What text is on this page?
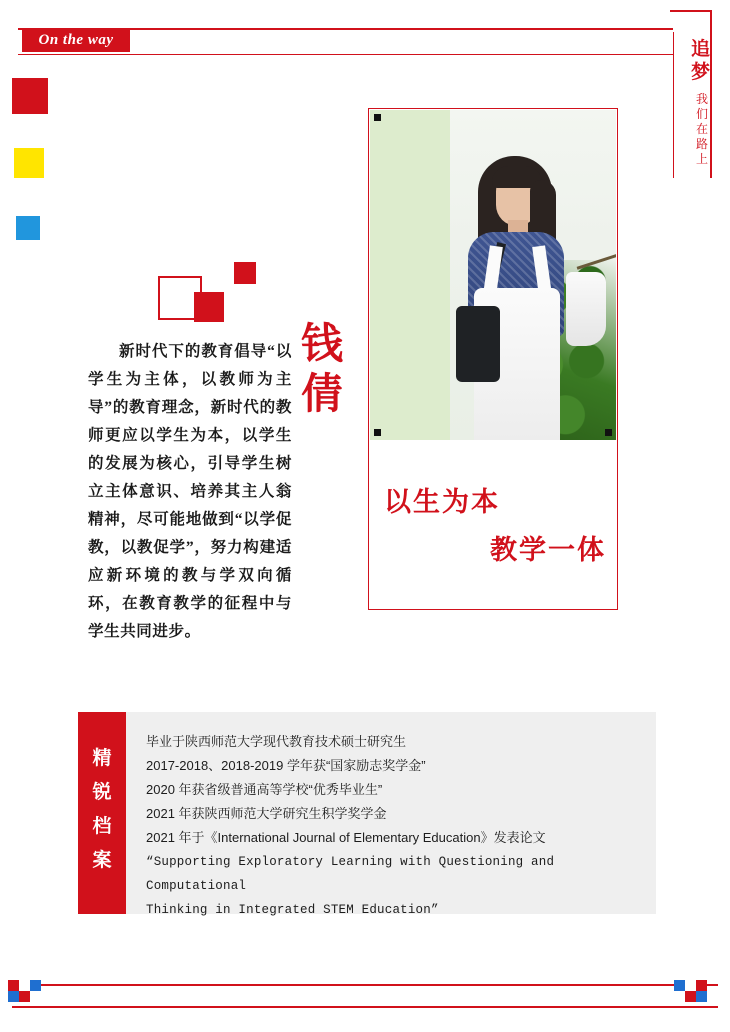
On the way	追梦
我们在路上
钱倩
新时代下的教育倡导“以学生为主体，以教师为主导”的教育理念，新时代的教师更应以学生为本，以学生的发展为核心，引导学生树立主体意识、培养其主人翁精神，尽可能地做到“以学促教，以教促学”，努力构建适应新环境的教与学双向循环，在教育教学的征程中与学生共同进步。
以生为本
教学一体
精
锐
档
案
毕业于陕西师范大学现代教育技术硕士研究生
2017-2018、2018-2019 学年获“国家励志奖学金”
2020 年获省级普通高等学校“优秀毕业生”
2021 年获陕西师范大学研究生积学奖学金
2021 年于《International Journal of Elementary Education》发表论文
“Supporting Exploratory Learning with Questioning and Computational
Thinking in Integrated STEM Education”
